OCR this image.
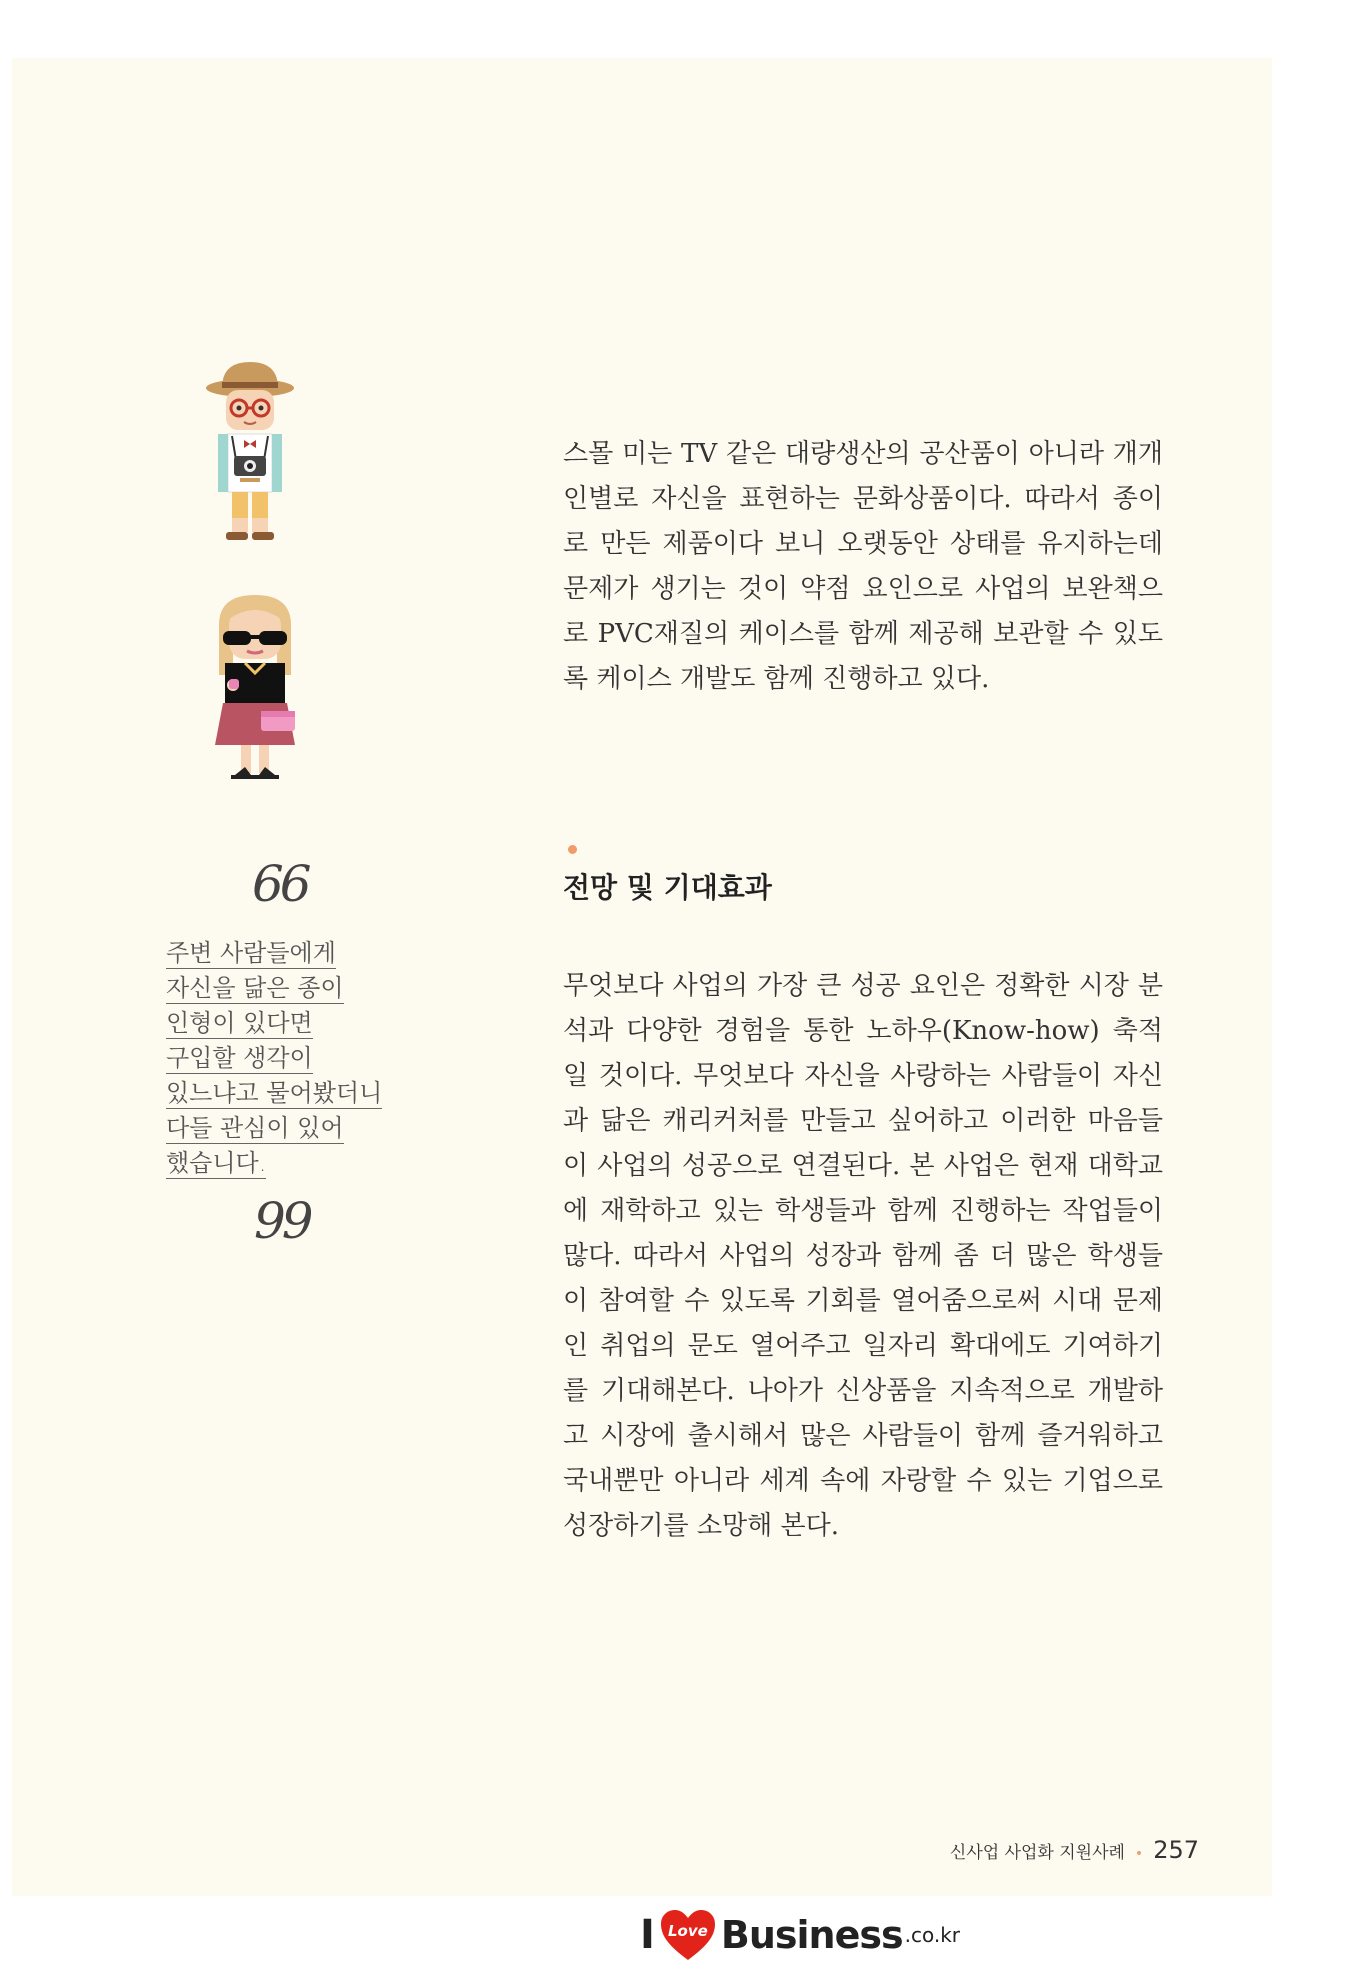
66
주변 사람들에게
자신을 닮은 종이
인형이 있다면
구입할 생각이
있느냐고 물어봤더니
다들 관심이 있어
했습니다.
99

스몰 미는 TV 같은 대량생산의 공산품이 아니라 개개인별로 자신을 표현하는 문화상품이다. 따라서 종이로 만든 제품이다 보니 오랫동안 상태를 유지하는데 문제가 생기는 것이 약점 요인으로 사업의 보완책으로 PVC재질의 케이스를 함께 제공해 보관할 수 있도록 케이스 개발도 함께 진행하고 있다.

전망 및 기대효과

무엇보다 사업의 가장 큰 성공 요인은 정확한 시장 분석과 다양한 경험을 통한 노하우(Know-how) 축적일 것이다. 무엇보다 자신을 사랑하는 사람들이 자신과 닮은 캐리커처를 만들고 싶어하고 이러한 마음들이 사업의 성공으로 연결된다. 본 사업은 현재 대학교에 재학하고 있는 학생들과 함께 진행하는 작업들이 많다. 따라서 사업의 성장과 함께 좀 더 많은 학생들이 참여할 수 있도록 기회를 열어줌으로써 시대 문제인 취업의 문도 열어주고 일자리 확대에도 기여하기를 기대해본다. 나아가 신상품을 지속적으로 개발하고 시장에 출시해서 많은 사람들이 함께 즐거워하고 국내뿐만 아니라 세계 속에 자랑할 수 있는 기업으로 성장하기를 소망해 본다.

신사업 사업화 지원사례 • 257
I Love Business .co.kr
